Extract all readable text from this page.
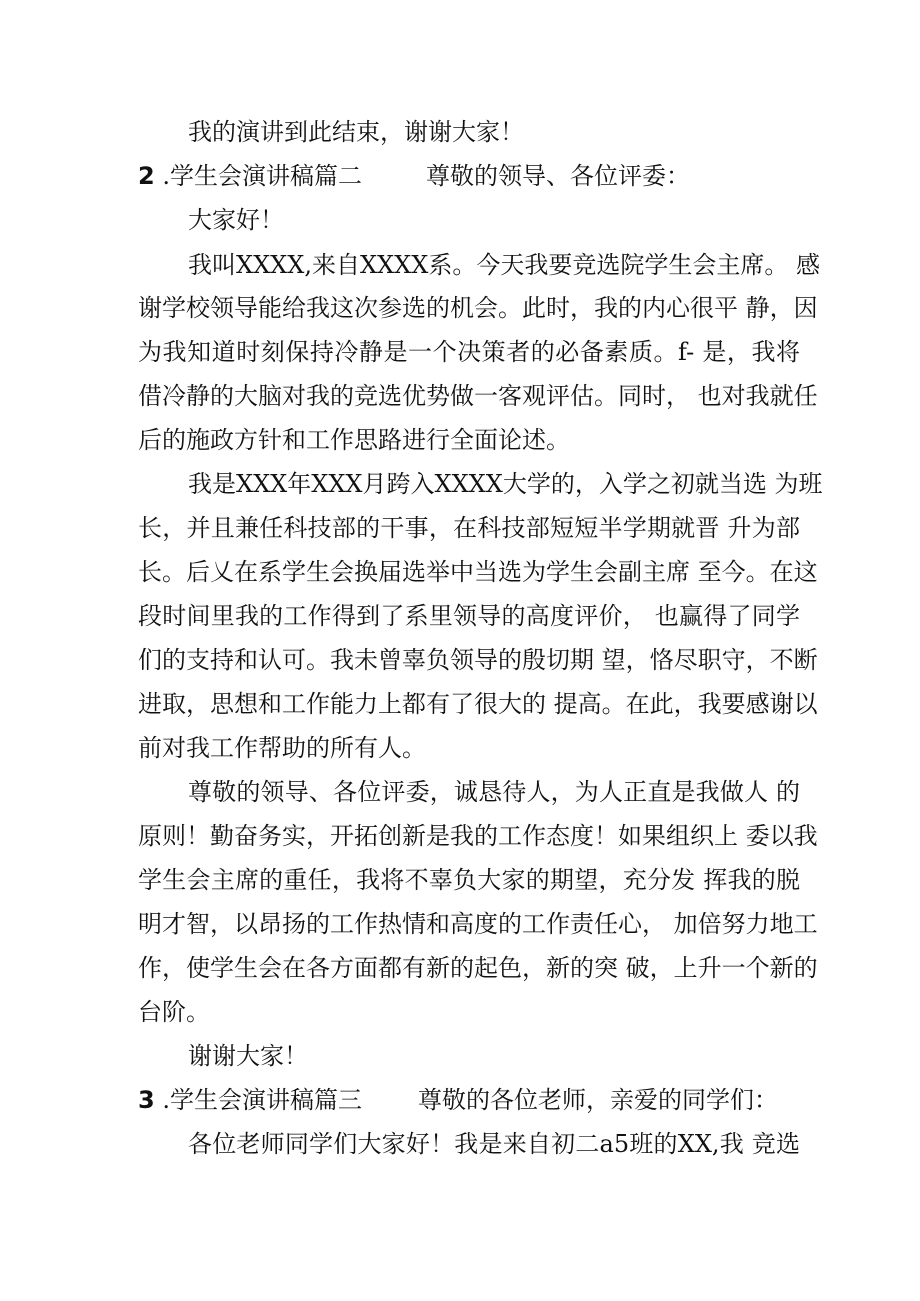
我的演讲到此结束，谢谢大家！
2 .学生会演讲稿篇二	尊敬的领导、各位评委：
大家好！
我叫XXXX,来自XXXX系。今天我要竞选院学生会主席。 感
谢学校领导能给我这次参选的机会。此时，我的内心很平 静，因
为我知道时刻保持冷静是一个决策者的必备素质。f- 是，我将
借冷静的大脑对我的竞选优势做一客观评估。同时， 也对我就任
后的施政方针和工作思路进行全面论述。
我是XXX年XXX月跨入XXXX大学的，入学之初就当选 为班
长，并且兼任科技部的干事，在科技部短短半学期就晋 升为部
长。后乂在系学生会换届选举中当选为学生会副主席 至今。在这
段时间里我的工作得到了系里领导的高度评价， 也赢得了同学
们的支持和认可。我未曾辜负领导的殷切期 望，恪尽职守，不断
进取，思想和工作能力上都有了很大的 提高。在此，我要感谢以
前对我工作帮助的所有人。
尊敬的领导、各位评委，诚恳待人，为人正直是我做人 的
原则！勤奋务实，开拓创新是我的工作态度！如果组织上 委以我
学生会主席的重任，我将不辜负大家的期望，充分发 挥我的脱
明才智，以昂扬的工作热情和高度的工作责任心， 加倍努力地工
作，使学生会在各方面都有新的起色，新的突 破，上升一个新的
台阶。
谢谢大家！
3 .学生会演讲稿篇三 尊敬的各位老师，亲爱的同学们：
各位老师同学们大家好！我是来自初二a5班的XX,我 竞选
